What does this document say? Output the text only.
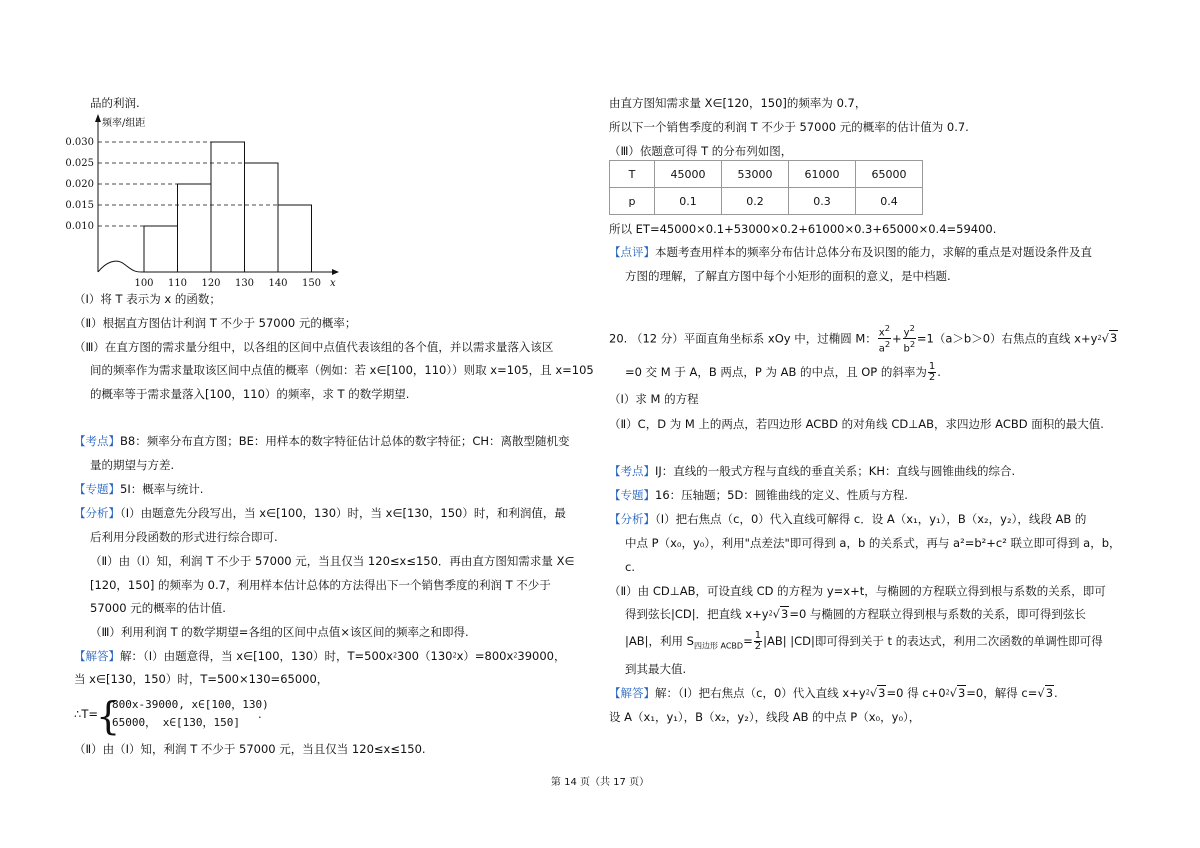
品的利润.
频率/组距
0.010
0.015
0.020
0.025
0.030
100 110 120 130 140 150 x
（Ⅰ）将 T 表示为 x 的函数；
（Ⅱ）根据直方图估计利润 T 不少于 57000 元的概率；
（Ⅲ）在直方图的需求量分组中，以各组的区间中点值代表该组的各个值，并以需求量落入该区
间的频率作为需求量取该区间中点值的概率（例如：若 x∈[100，110））则取 x=105，且 x=105
的概率等于需求量落入[100，110）的频率，求 T 的数学期望.
【考点】B8：频率分布直方图；BE：用样本的数字特征估计总体的数字特征；CH：离散型随机变
量的期望与方差.
【专题】5I：概率与统计.
【分析】（Ⅰ）由题意先分段写出，当 x∈[100，130）时，当 x∈[130，150）时，和利润值，最
后利用分段函数的形式进行综合即可.
（Ⅱ）由（I）知，利润 T 不少于 57000 元，当且仅当 120≤x≤150．再由直方图知需求量 X∈
[120，150] 的频率为 0.7，利用样本估计总体的方法得出下一个销售季度的利润 T 不少于
57000 元的概率的估计值.
（Ⅲ）利用利润 T 的数学期望=各组的区间中点值×该区间的频率之和即得.
【解答】解：（Ⅰ）由题意得，当 x∈[100，130）时，T=500x⁲300（130⁲x）=800x⁲39000，
当 x∈[130，150）时，T=500×130=65000，
∴T=
{
800x-39000, x∈[100，130)
65000， x∈[130，150]
.
（Ⅱ）由（Ⅰ）知，利润 T 不少于 57000 元，当且仅当 120≤x≤150.
由直方图知需求量 X∈[120，150]的频率为 0.7，
所以下一个销售季度的利润 T 不少于 57000 元的概率的估计值为 0.7.
（Ⅲ）依题意可得 T 的分布列如图，
T	45000	53000	61000	65000
p	0.1	0.2	0.3	0.4
所以 ET=45000×0.1+53000×0.2+61000×0.3+65000×0.4=59400.
【点评】本题考查用样本的频率分布估计总体分布及识图的能力，求解的重点是对题设条件及直
方图的理解，了解直方图中每个小矩形的面积的意义，是中档题.
20. （12 分）平面直角坐标系 xOy 中，过椭圆 M： $\frac{x^2}{a^2} + \frac{y^2}{b^2} =1(a>b>0)$右焦点的直线 x+y⁲√3
=0 交 M 于 A，B 两点，P 为 AB 的中点，且 OP 的斜率为 $\frac{1}{2}$ .
（Ⅰ）求 M 的方程
（Ⅱ）C，D 为 M 上的两点，若四边形 ACBD 的对角线 CD⊥AB，求四边形 ACBD 面积的最大值.
【考点】IJ：直线的一般式方程与直线的垂直关系；KH：直线与圆锥曲线的综合.
【专题】16：压轴题；5D：圆锥曲线的定义、性质与方程.
【分析】（Ⅰ）把右焦点（c，0）代入直线可解得 c．设 A（x₁，y₁），B（x₂，y₂），线段 AB 的
中点 P（x₀，y₀），利用"点差法"即可得到 a，b 的关系式，再与 a²=b²+c² 联立即可得到 a，b，
c.
（Ⅱ）由 CD⊥AB，可设直线 CD 的方程为 y=x+t，与椭圆的方程联立得到根与系数的关系，即可
得到弦长|CD|．把直线 x+y⁲√3=0 与椭圆的方程联立得到根与系数的关系，即可得到弦长
|AB|，利用 $S_{四边形 ACBD}= \frac{1}{2} |AB|$ |CD|即可得到关于 t 的表达式，利用二次函数的单调性即可得
到其最大值.
【解答】解：（Ⅰ）把右焦点（c，0）代入直线 x+y⁲√3=0 得 c+0⁲√3=0，解得 c=√3.
设 A（x₁，y₁），B（x₂，y₂），线段 AB 的中点 P（x₀，y₀），
第 14 页（共 17 页）
